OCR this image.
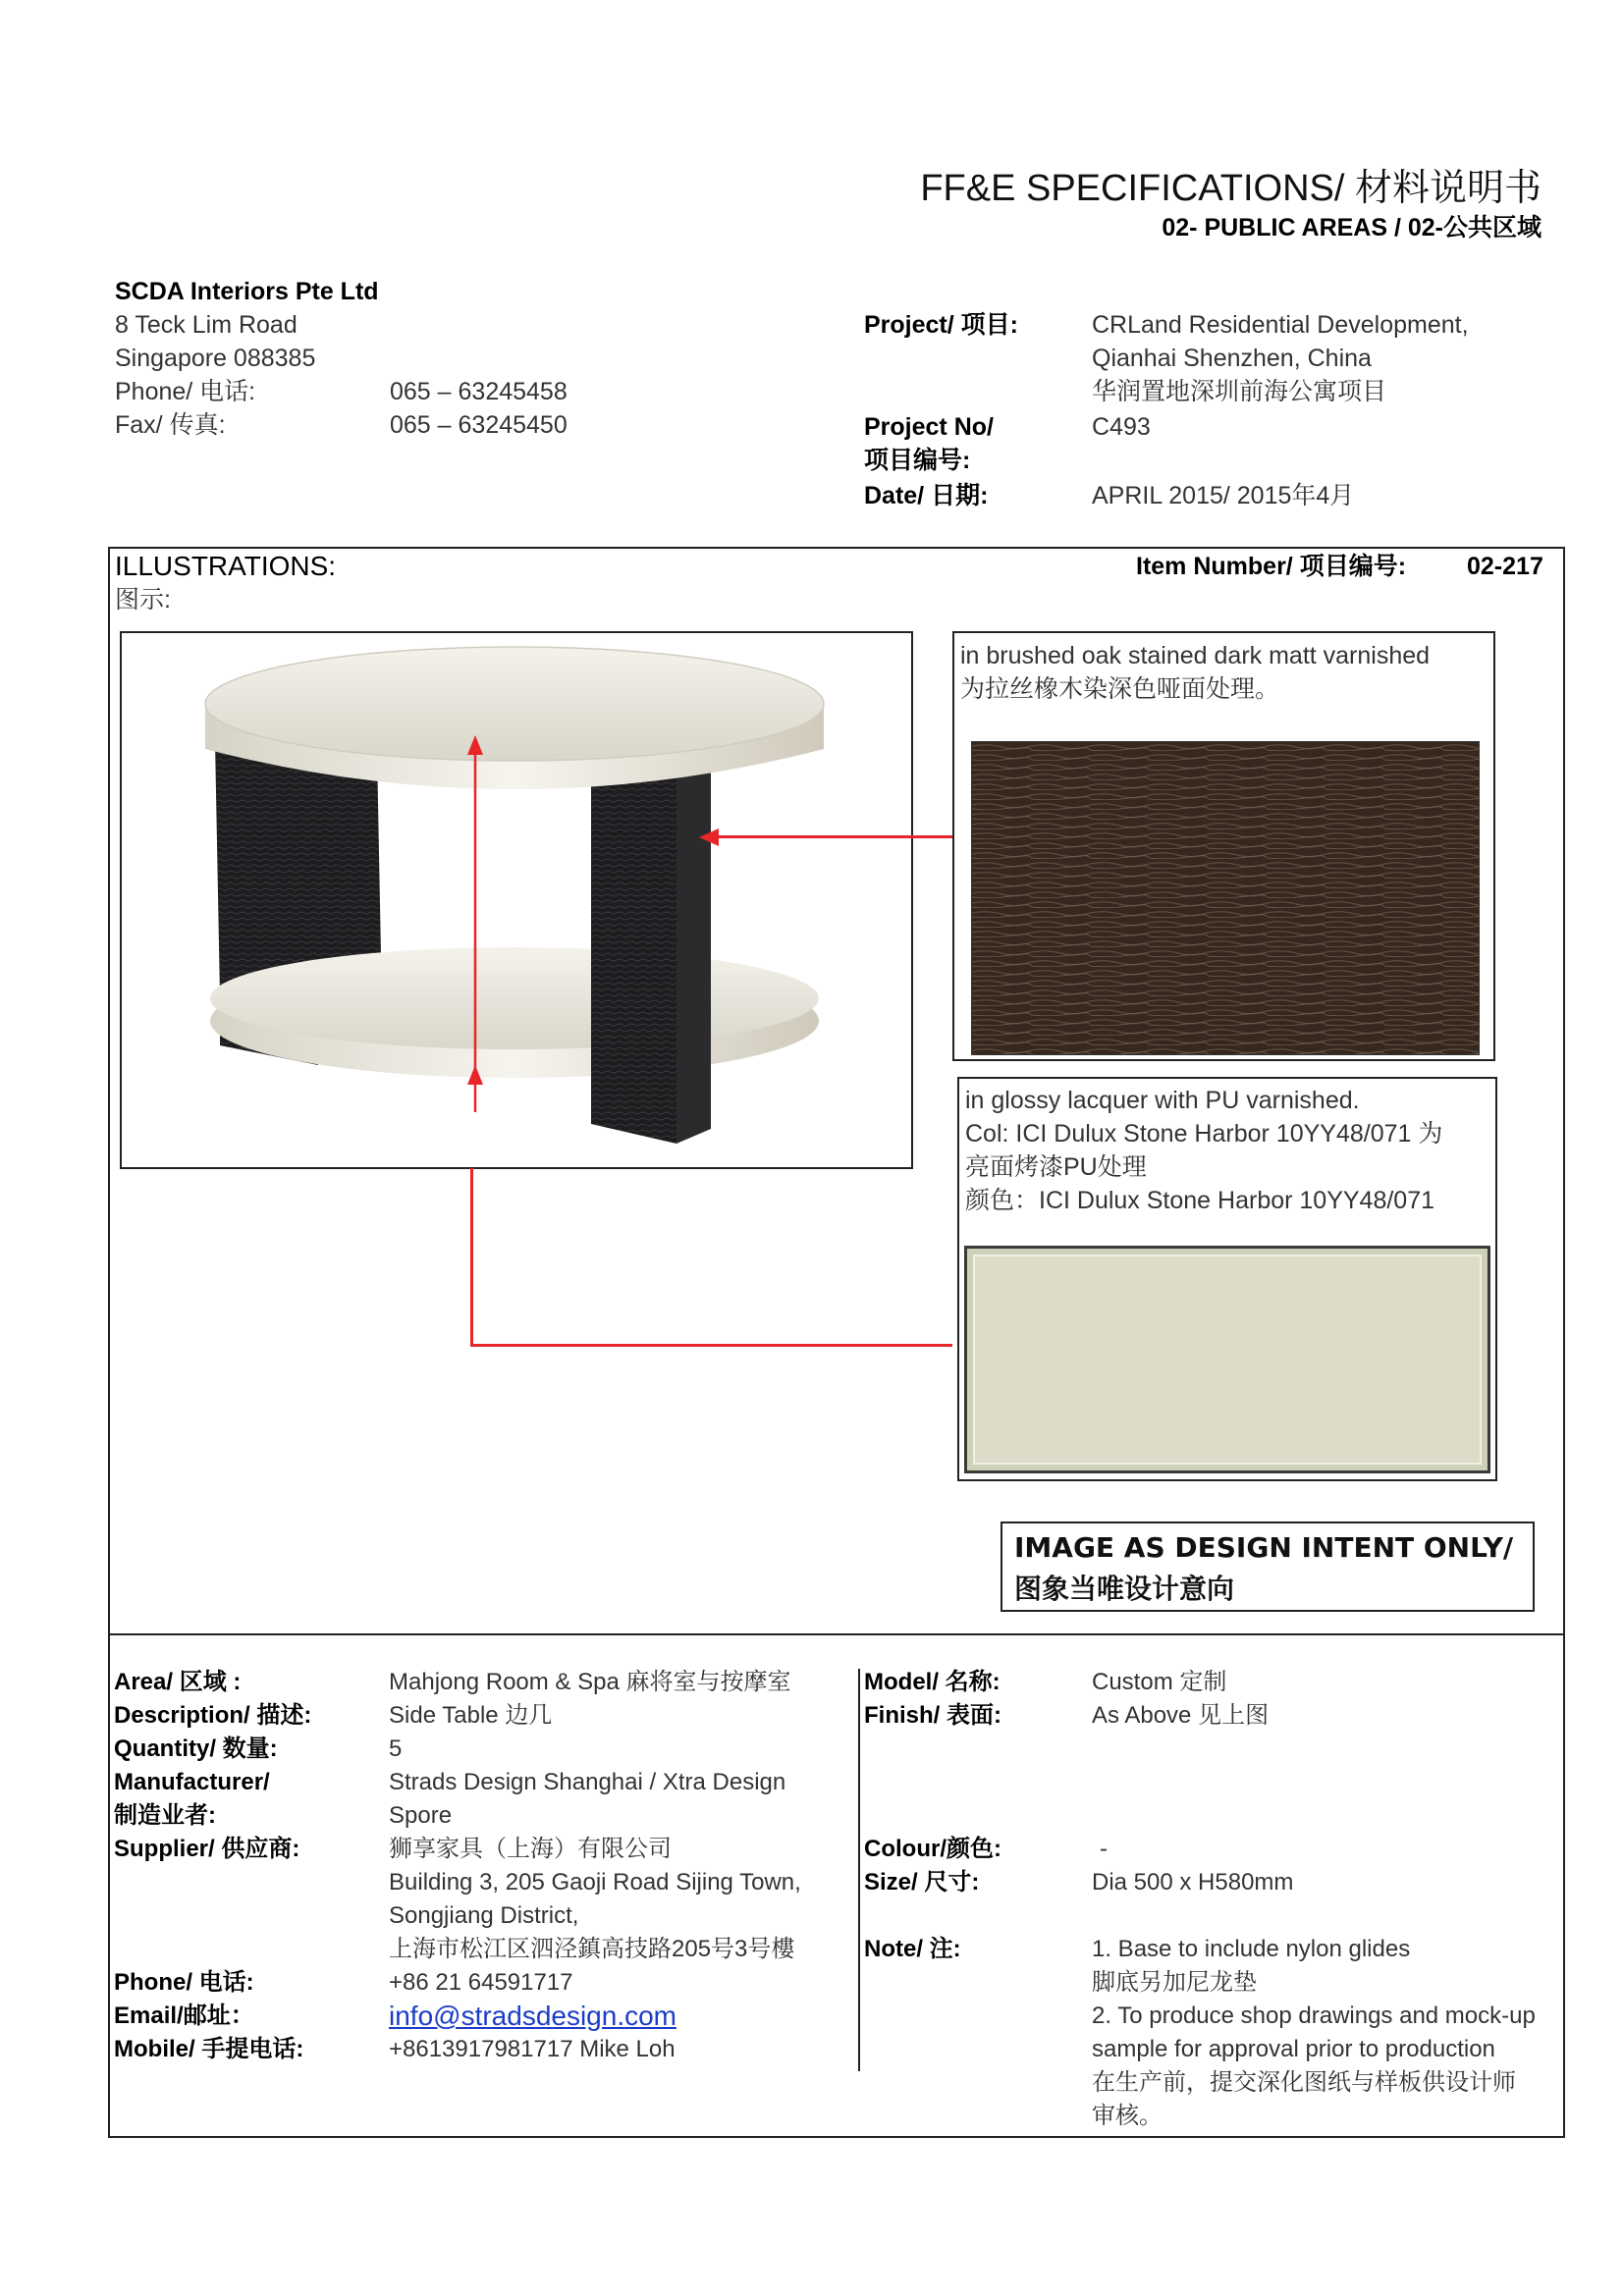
FF&E SPECIFICATIONS/ 材料说明书
02- PUBLIC AREAS / 02-公共区域
SCDA Interiors Pte Ltd
8 Teck Lim Road
Singapore 088385
Phone/ 电话:
Fax/ 传真:
065 – 63245458
065 – 63245450
Project/ 项目:	CRLand Residential Development,
Qianhai Shenzhen, China
华润置地深圳前海公寓项目
Project No/
项目编号:
C493
Date/ 日期:	APRIL 2015/ 2015年4月
ILLUSTRATIONS:
图示:
Item Number/ 项目编号: 02-217
in brushed oak stained dark matt varnished
为拉丝橡木染深色哑面处理。
in glossy lacquer with PU varnished.
Col: ICI Dulux Stone Harbor 10YY48/071 为
亮面烤漆PU处理
颜色：ICI Dulux Stone Harbor 10YY48/071
IMAGE AS DESIGN INTENT ONLY/
图象当唯设计意向
Area/ 区域 :
Description/ 描述:
Quantity/ 数量:
Manufacturer/
制造业者:
Supplier/ 供应商:
Phone/ 电话:
Email/邮址：
Mobile/ 手提电话:
Mahjong Room & Spa 麻将室与按摩室
Side Table 边几
5
Strads Design Shanghai / Xtra Design
Spore
狮享家具（上海）有限公司
Building 3, 205 Gaoji Road Sijing Town,
Songjiang District,
上海市松江区泗泾鎮高技路205号3号樓
+86 21 64591717
info@stradsdesign.com
+8613917981717 Mike Loh
Model/ 名称:
Finish/ 表面:
Colour/颜色:
Size/ 尺寸:
Note/ 注:
Custom 定制
As Above 见上图
-
Dia 500 x H580mm
1. Base to include nylon glides
脚底另加尼龙垫
2. To produce shop drawings and mock-up
sample for approval prior to production
在生产前，提交深化图纸与样板供设计师
审核。
